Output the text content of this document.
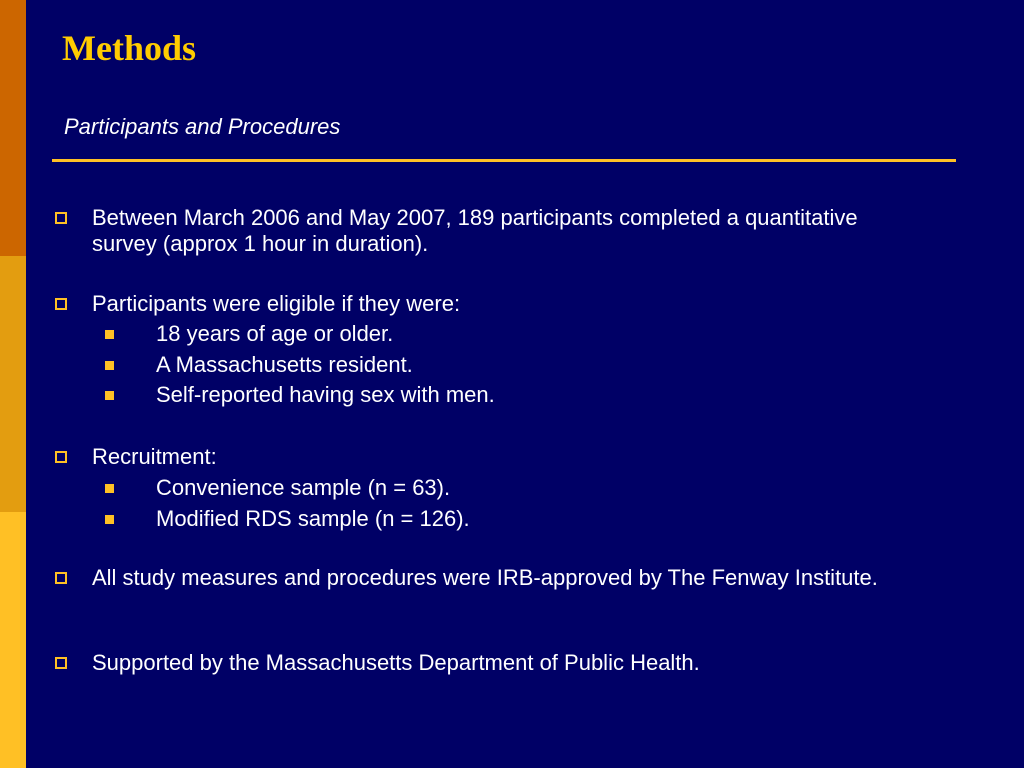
Methods
Participants and Procedures
Between March 2006 and May 2007, 189 participants completed a quantitative survey (approx 1 hour in duration).
Participants were eligible if they were:
18 years of age or older.
A Massachusetts resident.
Self-reported having sex with men.
Recruitment:
Convenience sample (n = 63).
Modified RDS sample (n = 126).
All study measures and procedures were IRB-approved by The Fenway Institute.
Supported by the Massachusetts Department of Public Health.
